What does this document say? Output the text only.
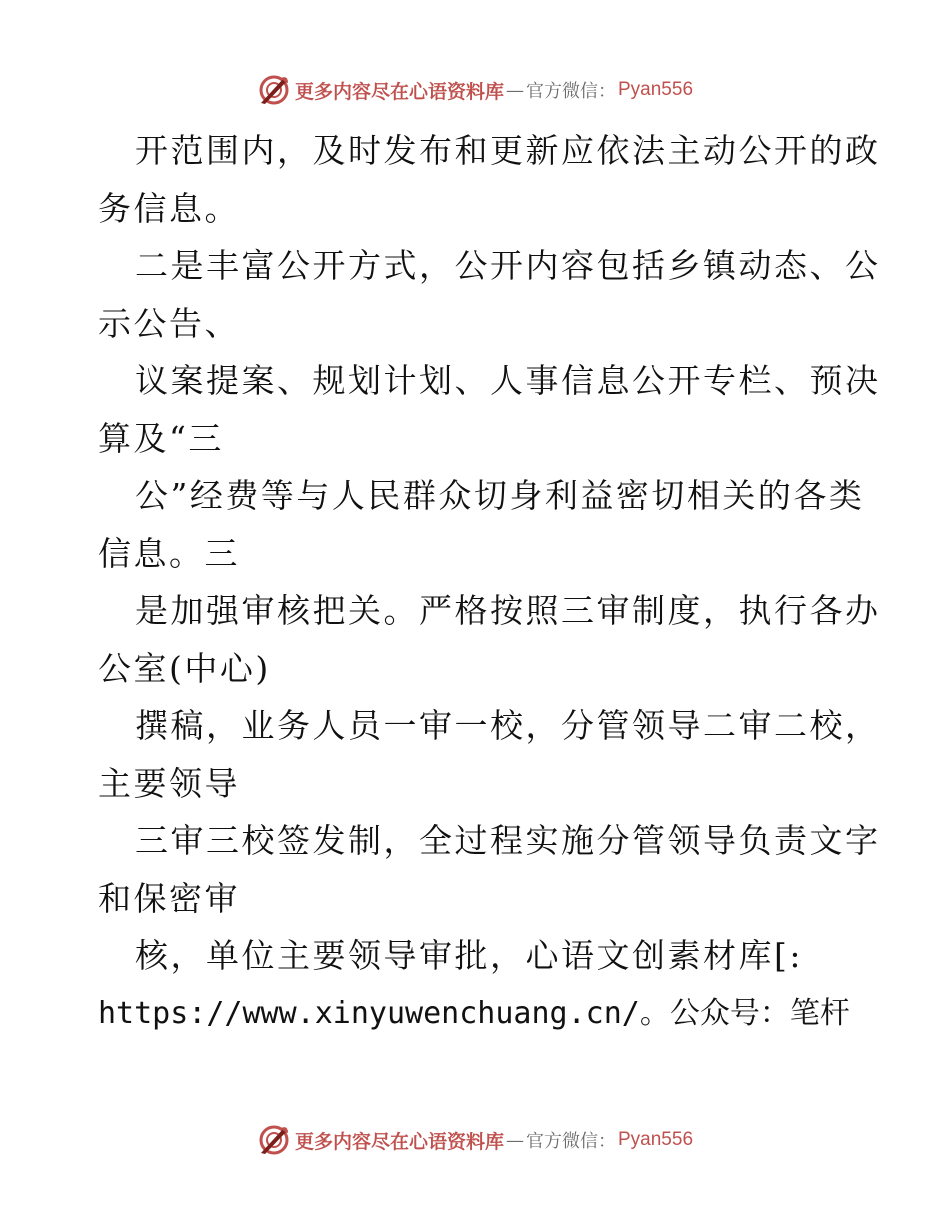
更多内容尽在心语资料库 — 官方微信： Pyan556
开范围内，及时发布和更新应依法主动公开的政
务信息。
二是丰富公开方式，公开内容包括乡镇动态、公
示公告、
议案提案、规划计划、人事信息公开专栏、预决
算及“三
公”经费等与人民群众切身利益密切相关的各类
信息。三
是加强审核把关。严格按照三审制度，执行各办
公室(中心)
撰稿，业务人员一审一校，分管领导二审二校，
主要领导
三审三校签发制，全过程实施分管领导负责文字
和保密审
核，单位主要领导审批，心语文创素材库[:
https://www.xinyuwenchuang.cn/。公众号：笔杆
更多内容尽在心语资料库 — 官方微信： Pyan556
